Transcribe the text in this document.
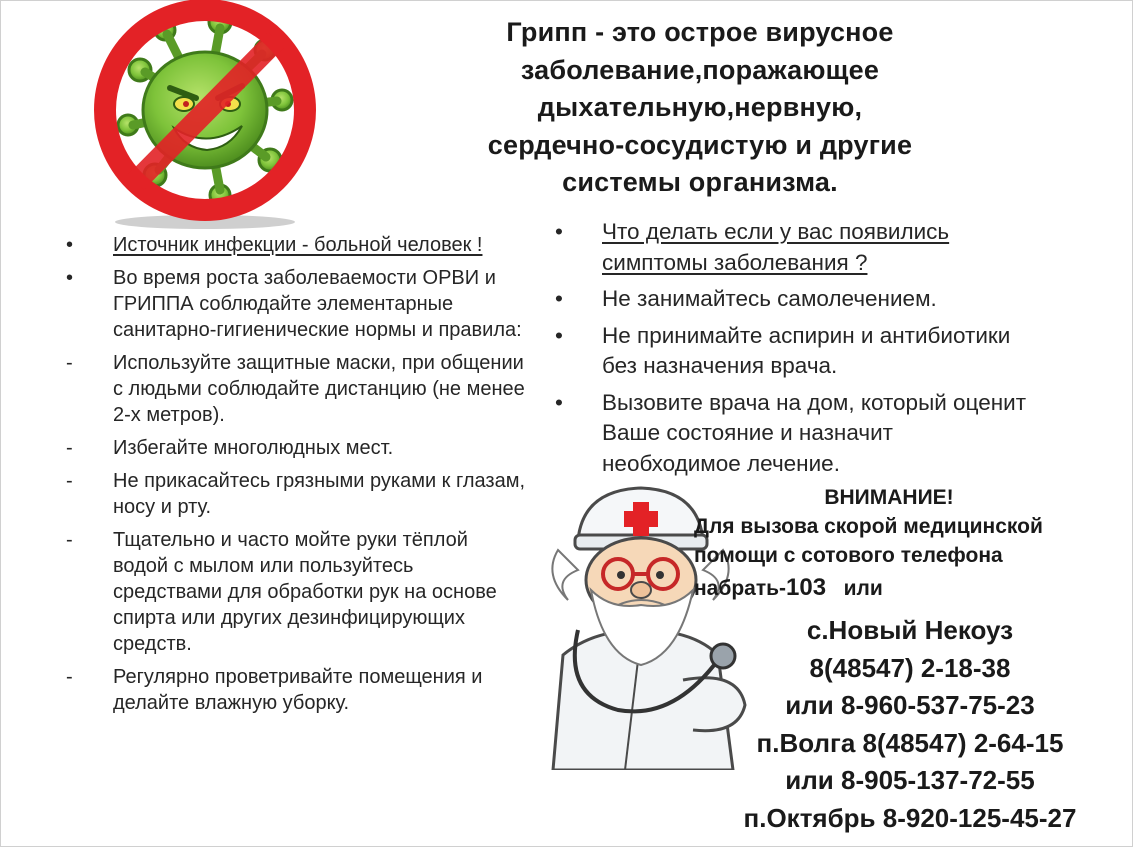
Грипп - это острое вирусное
заболевание,поражающее
дыхательную,нервную,
сердечно-сосудистую и другие
системы организма.
•	Источник инфекции - больной человек !
•	Во время роста заболеваемости ОРВИ и ГРИППА соблюдайте элементарные санитарно-гигиенические нормы и правила:
-	Используйте защитные маски, при общении с людьми соблюдайте дистанцию (не менее 2-х метров).
-	Избегайте многолюдных мест.
-	Не прикасайтесь грязными руками к глазам, носу и рту.
-	Тщательно и часто мойте руки тёплой водой с мылом или пользуйтесь средствами для обработки рук на основе спирта или других дезинфицирующих средств.
-	Регулярно проветривайте помещения и делайте влажную уборку.
•	Что делать если у вас появились симптомы заболевания ?
•	Не занимайтесь самолечением.
•	Не принимайте аспирин и антибиотики без назначения врача.
•	Вызовите врача на дом, который оценит Ваше состояние и назначит необходимое лечение.
ВНИМАНИЕ!
Для вызова скорой медицинской
помощи с сотового телефона
набрать-103 или
с.Новый Некоуз
8(48547) 2-18-38
или 8-960-537-75-23
п.Волга 8(48547) 2-64-15
или 8-905-137-72-55
п.Октябрь 8-920-125-45-27
